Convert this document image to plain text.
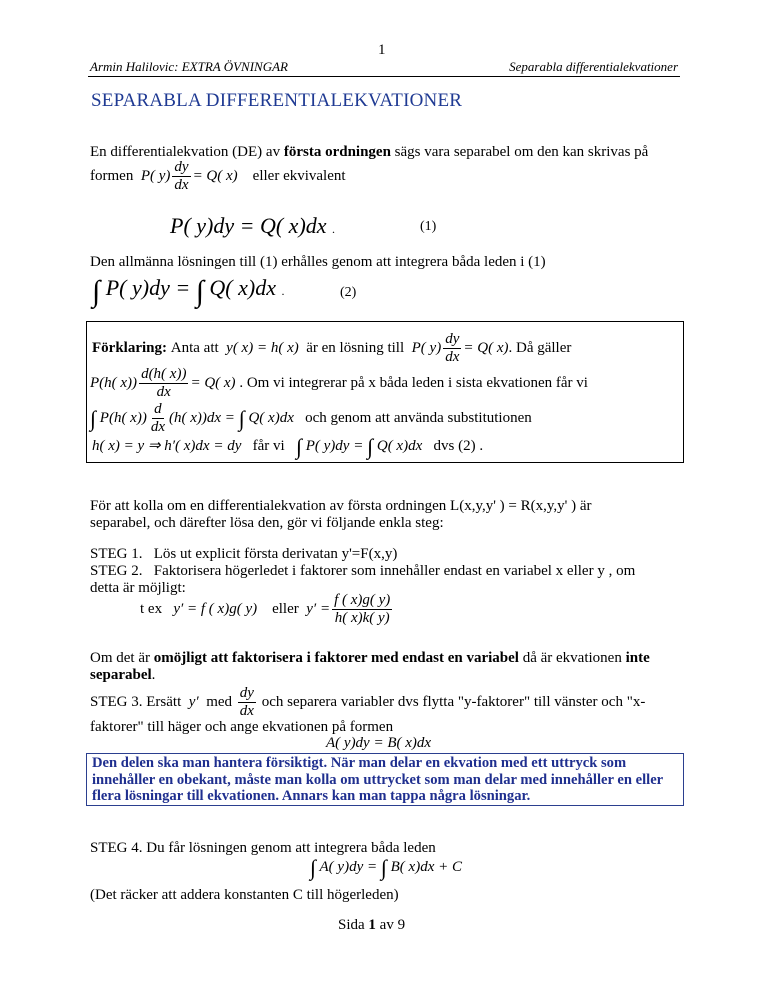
1
Armin Halilovic: EXTRA ÖVNINGAR	Separabla differentialekvationer
SEPARABLA DIFFERENTIALEKVATIONER
En differentialekvation (DE) av första ordningen sägs vara separabel om den kan skrivas på
formen  P( $y) \frac{dy}{dx} = Q$( x)    eller ekvivalent
P( y)dy = Q( x)dx .	(1)
Den allmänna lösningen till (1) erhålles genom att integrera båda leden i (1)
∫ P( y)dy = ∫ Q( x)dx .	(2)
Förklaring: Anta att  y( x) = h( x)  är en lösning till  P( $y) \frac{dy}{dx} = Q$( x). Då gäller
P(h( $x)) \frac{d(h( x))}{dx} = Q$( x) . Om vi integrerar på x båda leden i sista ekvationen får vi
∫ P(h( $x)) \frac{d}{dx} (h$( x))dx = ∫ Q( x)dx   och genom att använda substitutionen
h( x) = y ⇒ h′( x)dx = dy   får vi ∫ P( y)dy = ∫ Q( x)dx   dvs (2) .
För att kolla om en differentialekvation av första ordningen L(x,y,y' ) = R(x,y,y' ) är
separabel, och därefter lösa den, gör vi följande enkla steg:
STEG 1.   Lös ut explicit första derivatan y'=F(x,y)
STEG 2.   Faktorisera högerledet i faktorer som innehåller endast en variabel x eller y , om
detta är möjligt:
t ex   y′ = f ( x)g( y)    eller  $y' = \frac{f ( x)g( y)}{h( x)k( y)}$
Om det är omöjligt att faktorisera i faktorer med endast en variabel då är ekvationen inte
separabel.
STEG 3. Ersätt  y′  med $\frac{dy}{dx}$ och separera variabler dvs flytta "y-faktorer" till vänster och "x-
faktorer" till häger och ange ekvationen på formen
A( y)dy = B( x)dx
Den delen ska man hantera försiktigt. När man delar en ekvation med ett uttryck som innehåller en obekant, måste man kolla om uttrycket som man delar med innehåller en eller flera lösningar till ekvationen. Annars kan man tappa några lösningar.
STEG 4. Du får lösningen genom att integrera båda leden
∫ A( y)dy = ∫ B( x)dx + C
(Det räcker att addera konstanten C till högerleden)
Sida 1 av 9
